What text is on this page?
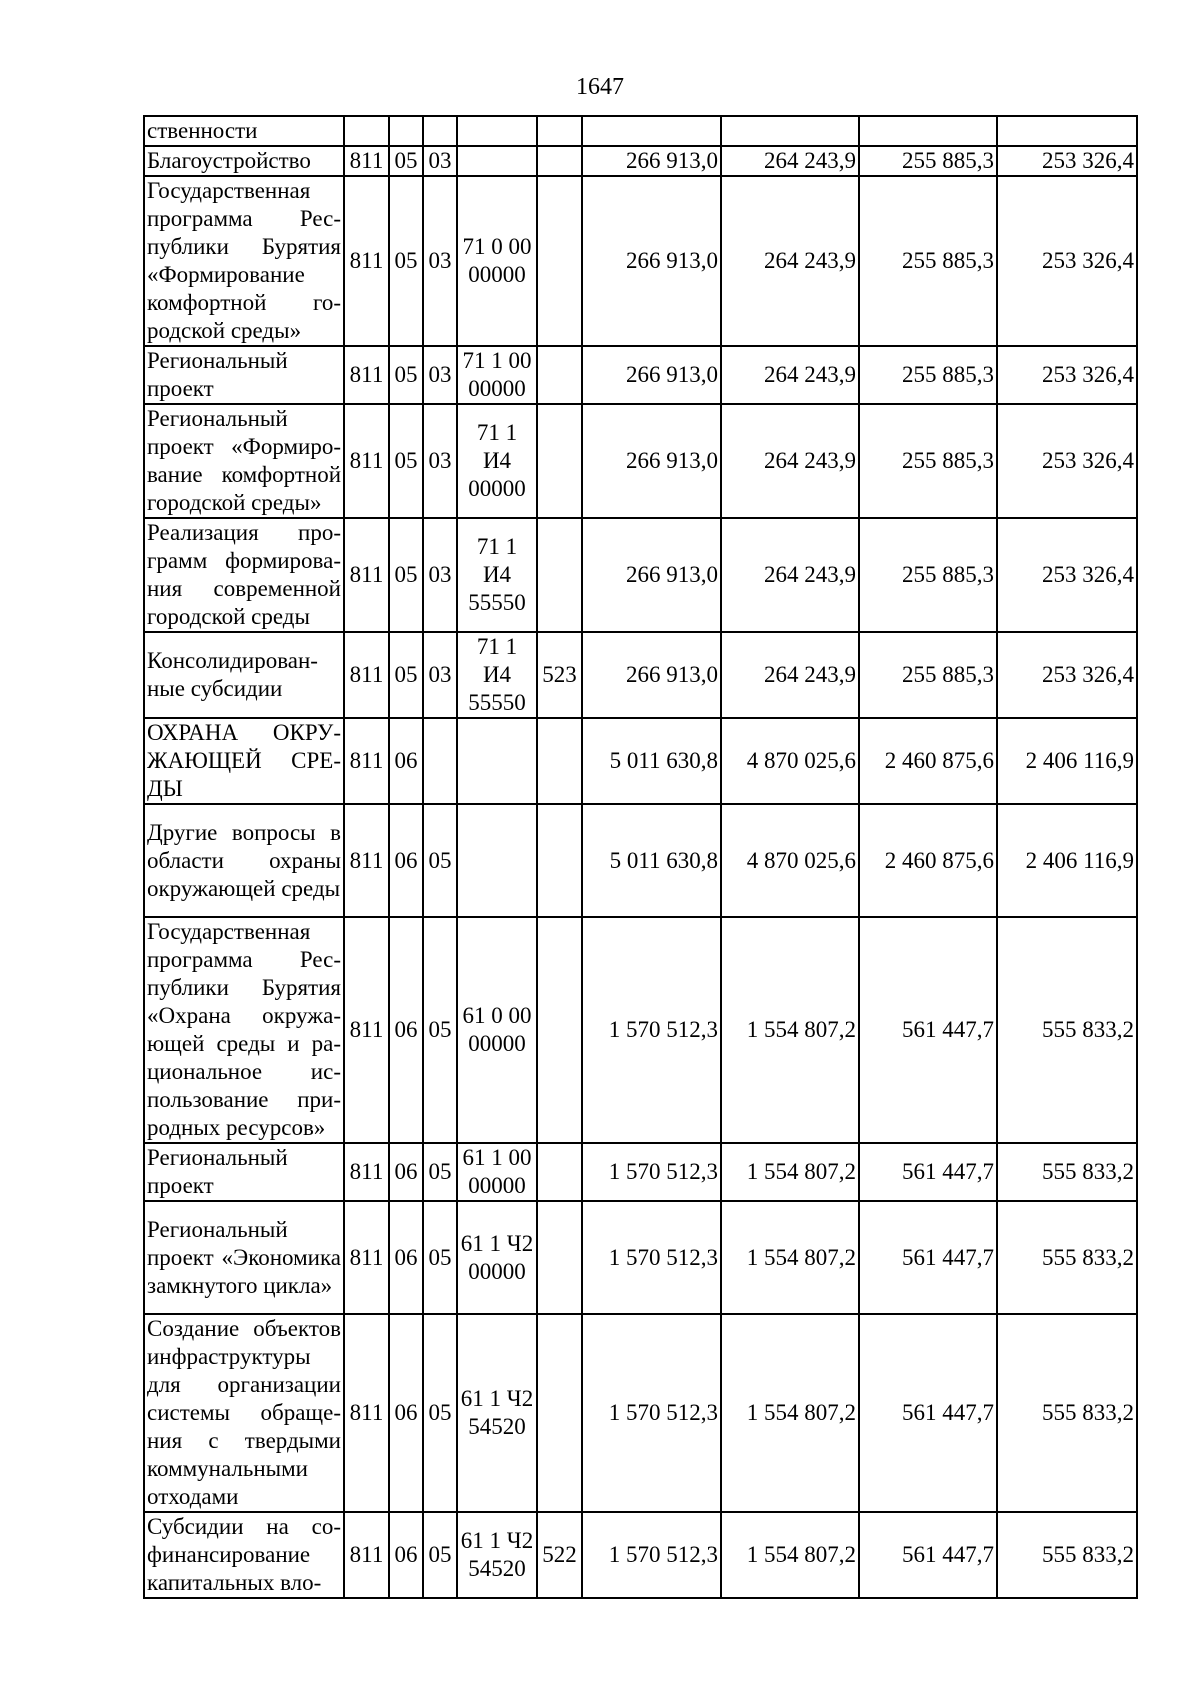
1647
ственности									
Благоустройство	811	05	03			266 913,0	264 243,9	255 885,3	253 326,4
Государственная программа Республики Бурятия «Формирование комфортной городской среды»	811	05	03	71 0 00 00000		266 913,0	264 243,9	255 885,3	253 326,4
Региональный проект	811	05	03	71 1 00 00000		266 913,0	264 243,9	255 885,3	253 326,4
Региональный проект «Формирование комфортной городской среды»	811	05	03	71 1 И4 00000		266 913,0	264 243,9	255 885,3	253 326,4
Реализация программ формирования современной городской среды	811	05	03	71 1 И4 55550		266 913,0	264 243,9	255 885,3	253 326,4
Консолидированные субсидии	811	05	03	71 1 И4 55550	523	266 913,0	264 243,9	255 885,3	253 326,4
ОХРАНА ОКРУЖАЮЩЕЙ СРЕДЫ	811	06				5 011 630,8	4 870 025,6	2 460 875,6	2 406 116,9
Другие вопросы в области охраны окружающей среды	811	06	05			5 011 630,8	4 870 025,6	2 460 875,6	2 406 116,9
Государственная программа Республики Бурятия «Охрана окружающей среды и рациональное использование природных ресурсов»	811	06	05	61 0 00 00000		1 570 512,3	1 554 807,2	561 447,7	555 833,2
Региональный проект	811	06	05	61 1 00 00000		1 570 512,3	1 554 807,2	561 447,7	555 833,2
Региональный проект «Экономика замкнутого цикла»	811	06	05	61 1 Ч2 00000		1 570 512,3	1 554 807,2	561 447,7	555 833,2
Создание объектов инфраструктуры для организации системы обращения с твердыми коммунальными отходами	811	06	05	61 1 Ч2 54520		1 570 512,3	1 554 807,2	561 447,7	555 833,2
Субсидии на софинансирование капитальных вло-	811	06	05	61 1 Ч2 54520	522	1 570 512,3	1 554 807,2	561 447,7	555 833,2
